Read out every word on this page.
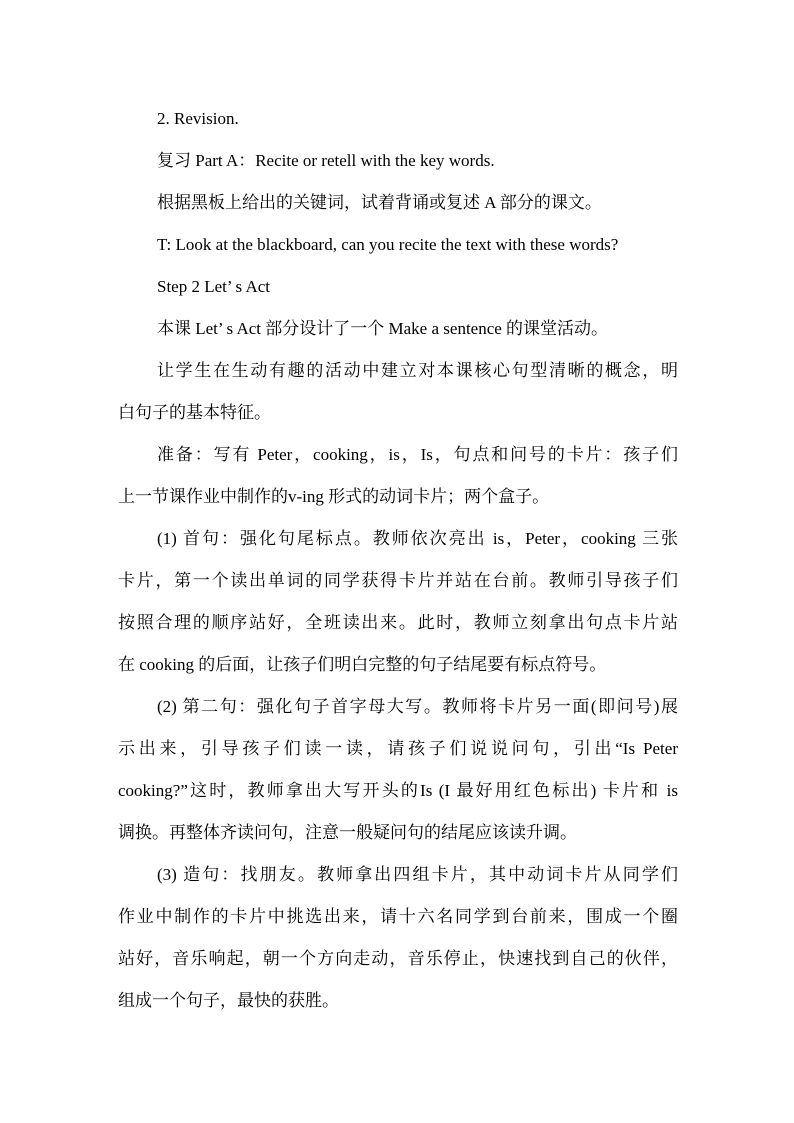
2. Revision.

复习 Part A：Recite or retell with the key words.

根据黑板上给出的关键词，试着背诵或复述 A 部分的课文。

T: Look at the blackboard, can you recite the text with these words?

Step 2 Let’ s Act

本课 Let’ s Act 部分设计了一个 Make a sentence 的课堂活动。

让学生在生动有趣的活动中建立对本课核心句型清晰的概念，明
白句子的基本特征。
准备：写有 Peter，cooking，is，Is，句点和问号的卡片：孩子们
上一节课作业中制作的v-ing 形式的动词卡片；两个盒子。
(1) 首句：强化句尾标点。教师依次亮出 is，Peter，cooking 三张
卡片，第一个读出单词的同学获得卡片并站在台前。教师引导孩子们
按照合理的顺序站好，全班读出来。此时，教师立刻拿出句点卡片站
在 cooking 的后面，让孩子们明白完整的句子结尾要有标点符号。
(2) 第二句：强化句子首字母大写。教师将卡片另一面(即问号)展
示出来，引导孩子们读一读，请孩子们说说问句，引出“Is Peter
cooking?”这时，教师拿出大写开头的Is (I 最好用红色标出) 卡片和 is
调换。再整体齐读问句，注意一般疑问句的结尾应该读升调。
(3) 造句：找朋友。教师拿出四组卡片，其中动词卡片从同学们
作业中制作的卡片中挑选出来，请十六名同学到台前来，围成一个圈
站好，音乐响起，朝一个方向走动，音乐停止，快速找到自己的伙伴，
组成一个句子，最快的获胜。
